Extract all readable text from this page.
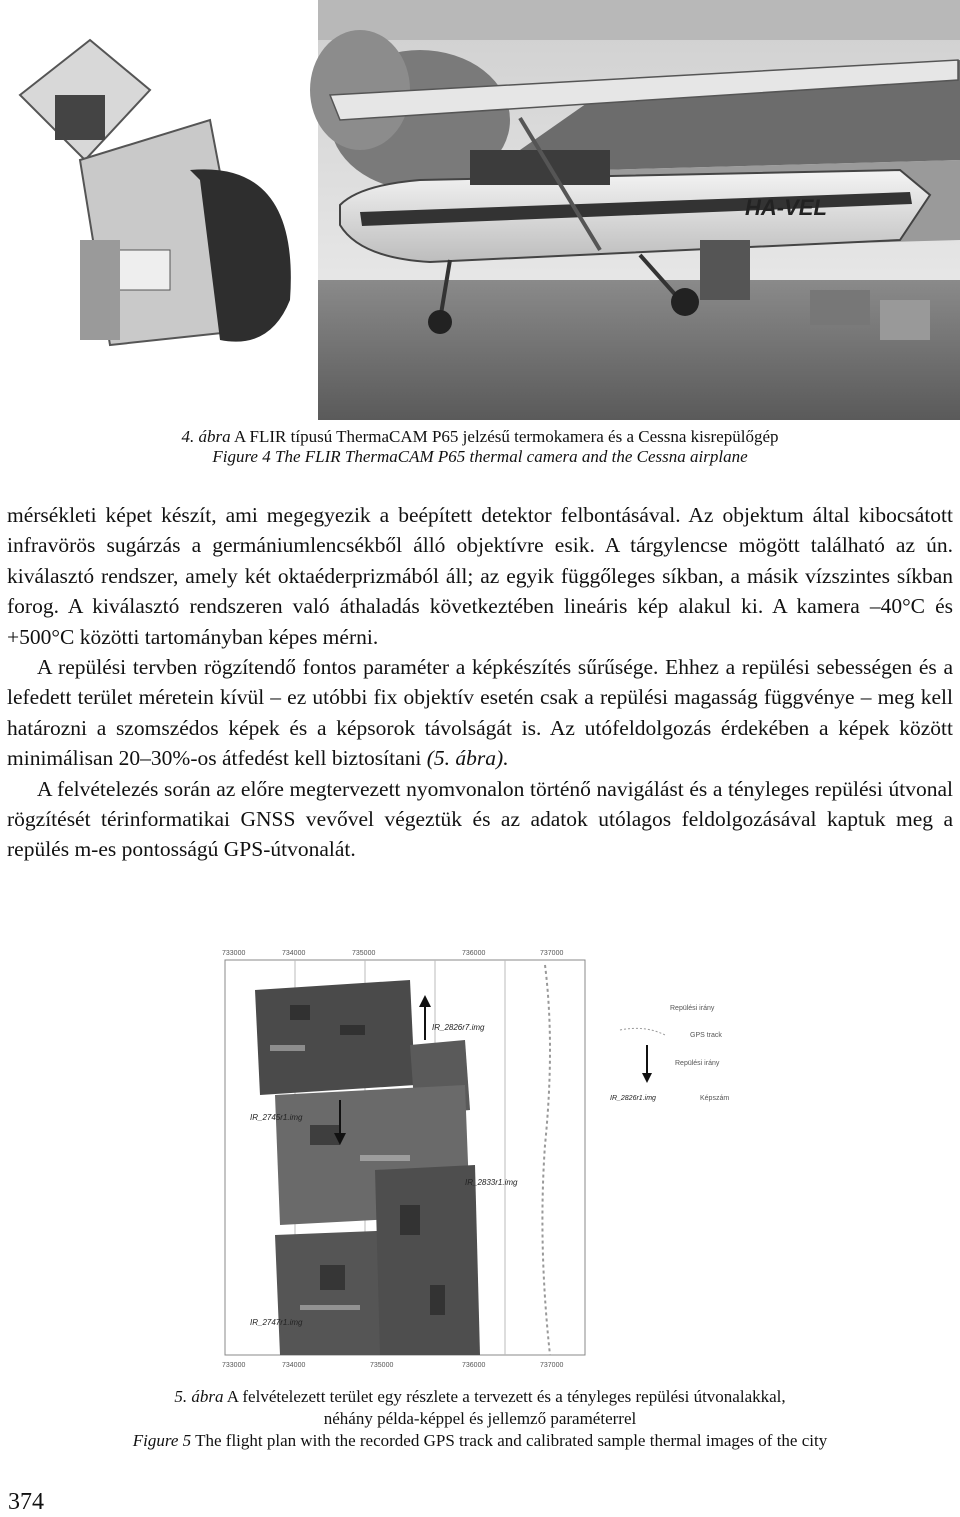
HA-VEL
4. ábra A FLIR típusú ThermaCAM P65 jelzésű termokamera és a Cessna kisrepülőgép
Figure 4 The FLIR ThermaCAM P65 thermal camera and the Cessna airplane

mérsékleti képet készít, ami megegyezik a beépített detektor felbontásával. Az objektum által kibocsátott infravörös sugárzás a germániumlencsékből álló objektívre esik. A tárgylencse mögött található az ún. kiválasztó rendszer, amely két oktaéderprizmából áll; az egyik függőleges síkban, a másik vízszintes síkban forog. A kiválasztó rendszeren való áthaladás következtében lineáris kép alakul ki. A kamera –40°C és +500°C közötti tartományban képes mérni.

A repülési tervben rögzítendő fontos paraméter a képkészítés sűrűsége. Ehhez a repülési sebességen és a lefedett terület méretein kívül – ez utóbbi fix objektív esetén csak a repülési magasság függvénye – meg kell határozni a szomszédos képek és a képsorok távolságát is. Az utófeldolgozás érdekében a képek között minimálisan 20–30%-os átfedést kell biztosítani (5. ábra).

A felvételezés során az előre megtervezett nyomvonalon történő navigálást és a tényleges repülési útvonal rögzítését térinformatikai GNSS vevővel végeztük és az adatok utólagos feldolgozásával kaptuk meg a repülés m-es pontosságú GPS-útvonalát.

733000	734000	735000	736000	737000
733000	734000	735000	736000	737000
IR_2826r7.img
IR_2745r1.img
IR_2833r1.img
IR_2747r1.img
Repülési irány
GPS track
Repülési irány
IR_2826r1.img	Képszám
5. ábra A felvételezett terület egy részlete a tervezett és a tényleges repülési útvonalakkal,
néhány példa-képpel és jellemző paraméterrel
Figure 5 The flight plan with the recorded GPS track and calibrated sample thermal images of the city
374
